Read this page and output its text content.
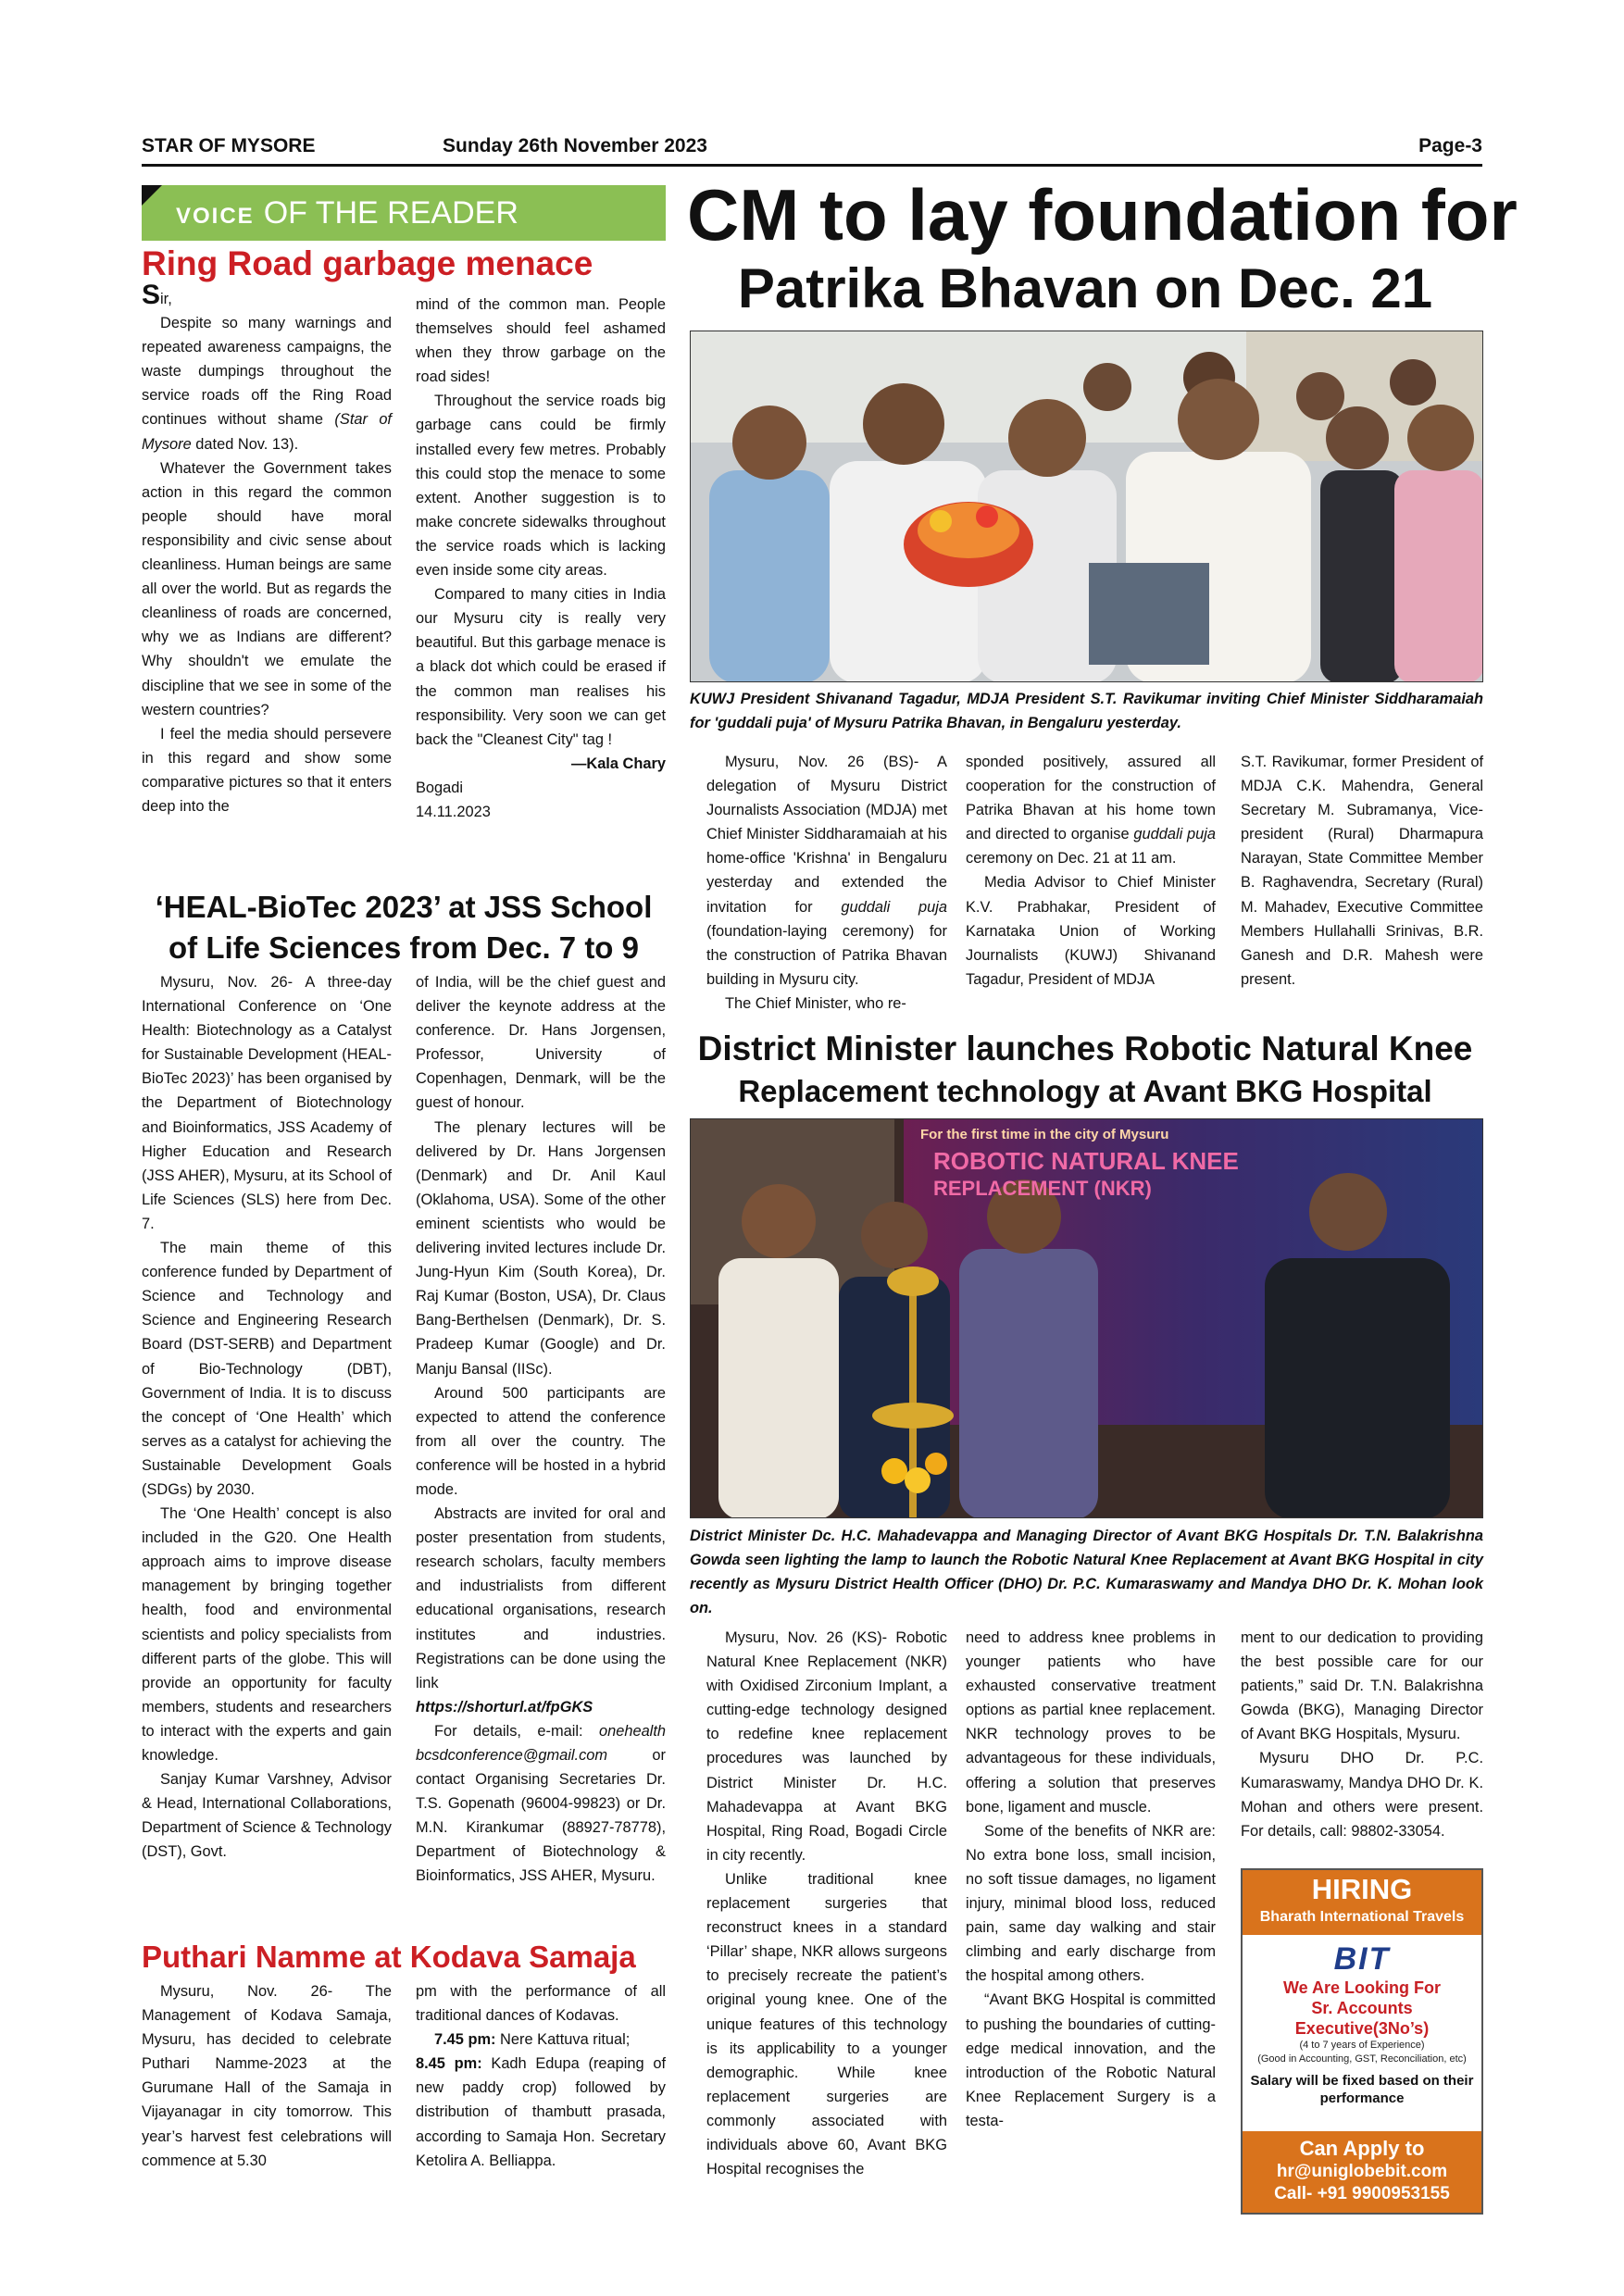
STAR OF MYSORE	Sunday 26th November 2023	Page-3
VOICE OF THE READER
Ring Road garbage menace

Sir,

Despite so many warnings and repeated awareness campaigns, the waste dumpings throughout the service roads off the Ring Road continues without shame (Star of Mysore dated Nov. 13).

Whatever the Government takes action in this regard the common people should have moral responsibility and civic sense about cleanliness. Human beings are same all over the world. But as regards the cleanliness of roads are concerned, why we as Indians are different? Why shouldn't we emulate the discipline that we see in some of the western countries?

I feel the media should persevere in this regard and show some comparative pictures so that it enters deep into the

mind of the common man. People themselves should feel ashamed when they throw garbage on the road sides!

Throughout the service roads big garbage cans could be firmly installed every few metres. Probably this could stop the menace to some extent. Another suggestion is to make concrete sidewalks throughout the service roads which is lacking even inside some city areas.

Compared to many cities in India our Mysuru city is really very beautiful. But this garbage menace is a black dot which could be erased if the common man realises his responsibility. Very soon we can get back the "Cleanest City" tag !

—Kala Chary

Bogadi

14.11.2023

‘HEAL-BioTec 2023’ at JSS School
of Life Sciences from Dec. 7 to 9

Mysuru, Nov. 26- A three-day International Conference on ‘One Health: Biotechnology as a Catalyst for Sustainable Development (HEAL-BioTec 2023)’ has been organised by the Department of Biotechnology and Bioinformatics, JSS Academy of Higher Education and Research (JSS AHER), Mysuru, at its School of Life Sciences (SLS) here from Dec. 7.

The main theme of this conference funded by Department of Science and Technology and Science and Engineering Research Board (DST-SERB) and Department of Bio-Technology (DBT), Government of India. It is to discuss the concept of ‘One Health’ which serves as a catalyst for achieving the Sustainable Development Goals (SDGs) by 2030.

The ‘One Health’ concept is also included in the G20. One Health approach aims to improve disease management by bringing together health, food and environmental scientists and policy specialists from different parts of the globe. This will provide an opportunity for faculty members, students and researchers to interact with the experts and gain knowledge.

Sanjay Kumar Varshney, Advisor & Head, International Collaborations, Department of Science & Technology (DST), Govt.

of India, will be the chief guest and deliver the keynote address at the conference. Dr. Hans Jorgensen, Professor, University of Copenhagen, Denmark, will be the guest of honour.

The plenary lectures will be delivered by Dr. Hans Jorgensen (Denmark) and Dr. Anil Kaul (Oklahoma, USA). Some of the other eminent scientists who would be delivering invited lectures include Dr. Jung-Hyun Kim (South Korea), Dr. Raj Kumar (Boston, USA), Dr. Claus Bang-Berthelsen (Denmark), Dr. S. Pradeep Kumar (Google) and Dr. Manju Bansal (IISc).

Around 500 participants are expected to attend the conference from all over the country. The conference will be hosted in a hybrid mode.

Abstracts are invited for oral and poster presentation from students, research scholars, faculty members and industrialists from different educational organisations, research institutes and industries. Registrations can be done using the link

https://shorturl.at/fpGKS

For details, e-mail: onehealth bcsdconference@gmail.com or contact Organising Secretaries Dr. T.S. Gopenath (96004-99823) or Dr. M.N. Kirankumar (88927-78778), Department of Biotechnology & Bioinformatics, JSS AHER, Mysuru.

Puthari Namme at Kodava Samaja

Mysuru, Nov. 26- The Management of Kodava Samaja, Mysuru, has decided to celebrate Puthari Namme-2023 at the Gurumane Hall of the Samaja in Vijayanagar in city tomorrow. This year’s harvest fest celebrations will commence at 5.30

pm with the performance of all traditional dances of Kodavas.

7.45 pm: Nere Kattuva ritual;

8.45 pm: Kadh Edupa (reaping of new paddy crop) followed by distribution of thambutt prasada, according to Samaja Hon. Secretary Ketolira A. Belliappa.

CM to lay foundation for
Patrika Bhavan on Dec. 21
KUWJ President Shivanand Tagadur, MDJA President S.T. Ravikumar inviting Chief Minister Siddharamaiah for 'guddali puja' of Mysuru Patrika Bhavan, in Bengaluru yesterday.

Mysuru, Nov. 26 (BS)- A delegation of Mysuru District Journalists Association (MDJA) met Chief Minister Siddharamaiah at his home-office 'Krishna' in Bengaluru yesterday and extended the invitation for guddali puja (foundation-laying ceremony) for the construction of Patrika Bhavan building in Mysuru city.

The Chief Minister, who re-

sponded positively, assured all cooperation for the construction of Patrika Bhavan at his home town and directed to organise guddali puja ceremony on Dec. 21 at 11 am.

Media Advisor to Chief Minister K.V. Prabhakar, President of Karnataka Union of Working Journalists (KUWJ) Shivanand Tagadur, President of MDJA

S.T. Ravikumar, former President of MDJA C.K. Mahendra, General Secretary M. Subramanya, Vice-president (Rural) Dharmapura Narayan, State Committee Member B. Raghavendra, Secretary (Rural) M. Mahadev, Executive Committee Members Hullahalli Srinivas, B.R. Ganesh and D.R. Mahesh were present.

District Minister launches Robotic Natural Knee
Replacement technology at Avant BKG Hospital
For the first time in the city of Mysuru
ROBOTIC NATURAL KNEE
REPLACEMENT (NKR)
District Minister Dc. H.C. Mahadevappa and Managing Director of Avant BKG Hospitals Dr. T.N. Balakrishna Gowda seen lighting the lamp to launch the Robotic Natural Knee Replacement at Avant BKG Hospital in city recently as Mysuru District Health Officer (DHO) Dr. P.C. Kumaraswamy and Mandya DHO Dr. K. Mohan look on.

Mysuru, Nov. 26 (KS)- Robotic Natural Knee Replacement (NKR) with Oxidised Zirconium Implant, a cutting-edge technology designed to redefine knee replacement procedures was launched by District Minister Dr. H.C. Mahadevappa at Avant BKG Hospital, Ring Road, Bogadi Circle in city recently.

Unlike traditional knee replacement surgeries that reconstruct knees in a standard ‘Pillar’ shape, NKR allows surgeons to precisely recreate the patient’s original young knee. One of the unique features of this technology is its applicability to a younger demographic. While knee replacement surgeries are commonly associated with individuals above 60, Avant BKG Hospital recognises the

need to address knee problems in younger patients who have exhausted conservative treatment options as partial knee replacement. NKR technology proves to be advantageous for these individuals, offering a solution that preserves bone, ligament and muscle.

Some of the benefits of NKR are: No extra bone loss, small incision, no soft tissue damages, no ligament injury, minimal blood loss, reduced pain, same day walking and stair climbing and early discharge from the hospital among others.

“Avant BKG Hospital is committed to pushing the boundaries of cutting-edge medical innovation, and the introduction of the Robotic Natural Knee Replacement Surgery is a testa-

ment to our dedication to providing the best possible care for our patients,” said Dr. T.N. Balakrishna Gowda (BKG), Managing Director of Avant BKG Hospitals, Mysuru.

Mysuru DHO Dr. P.C. Kumaraswamy, Mandya DHO Dr. K. Mohan and others were present. For details, call: 98802-33054.

HIRING
Bharath International Travels
BIT
We Are Looking For
Sr. Accounts Executive(3No’s)
(4 to 7 years of Experience)
(Good in Accounting, GST, Reconciliation, etc)
Salary will be fixed based on their performance
Can Apply to
hr@uniglobebit.com
Call- +91 9900953155
